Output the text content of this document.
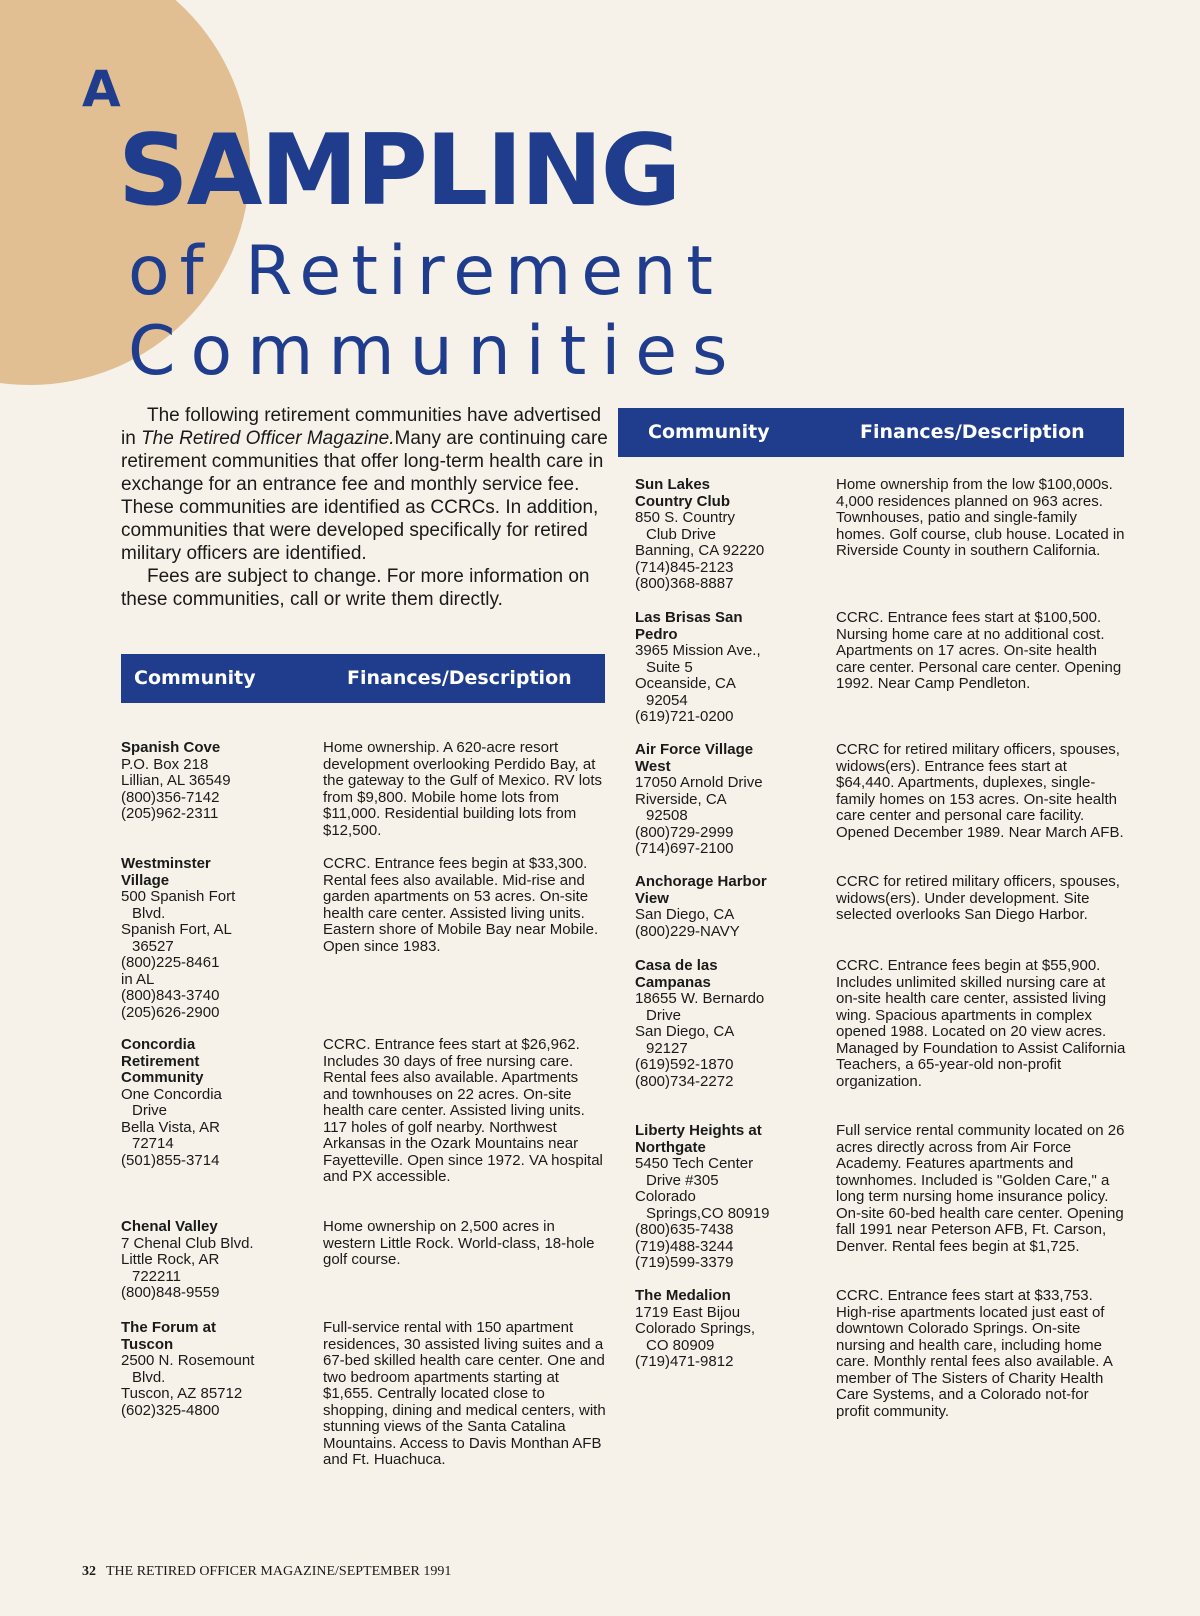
A
SAMPLING
of Retirement
Communities

The following retirement communities have advertised in The Retired Officer Magazine.Many are continuing care retirement communities that offer long-term health care in exchange for an entrance fee and monthly service fee. These communities are identified as CCRCs. In addition, communities that were developed specifically for retired military officers are identified.

Fees are subject to change. For more information on these communities, call or write them directly.

Community	Finances/Description
Community	Finances/Description
Spanish Cove
P.O. Box 218
Lillian, AL 36549
(800)356-7142
(205)962-2311
Home ownership. A 620-acre resort development overlooking Perdido Bay, at the gateway to the Gulf of Mexico. RV lots from $9,800. Mobile home lots from $11,000. Residential building lots from $12,500.
Westminster
Village
500 Spanish Fort
Blvd.
Spanish Fort, AL
36527
(800)225-8461
in AL
(800)843-3740
(205)626-2900
CCRC. Entrance fees begin at $33,300. Rental fees also available. Mid-rise and garden apartments on 53 acres. On-site health care center. Assisted living units. Eastern shore of Mobile Bay near Mobile. Open since 1983.
Concordia
Retirement
Community
One Concordia
Drive
Bella Vista, AR
72714
(501)855-3714
CCRC. Entrance fees start at $26,962. Includes 30 days of free nursing care. Rental fees also available. Apartments and townhouses on 22 acres. On-site health care center. Assisted living units. 117 holes of golf nearby. Northwest Arkansas in the Ozark Mountains near Fayetteville. Open since 1972. VA hospital and PX accessible.
Chenal Valley
7 Chenal Club Blvd.
Little Rock, AR
722211
(800)848-9559
Home ownership on 2,500 acres in western Little Rock. World-class, 18-hole golf course.
The Forum at
Tuscon
2500 N. Rosemount
Blvd.
Tuscon, AZ 85712
(602)325-4800
Full-service rental with 150 apartment residences, 30 assisted living suites and a 67-bed skilled health care center. One and two bedroom apartments starting at $1,655. Centrally located close to shopping, dining and medical centers, with stunning views of the Santa Catalina Mountains. Access to Davis Monthan AFB and Ft. Huachuca.
Sun Lakes
Country Club
850 S. Country
Club Drive
Banning, CA 92220
(714)845-2123
(800)368-8887
Home ownership from the low $100,000s. 4,000 residences planned on 963 acres. Townhouses, patio and single-family homes. Golf course, club house. Located in Riverside County in southern California.
Las Brisas San
Pedro
3965 Mission Ave.,
Suite 5
Oceanside, CA
92054
(619)721-0200
CCRC. Entrance fees start at $100,500. Nursing home care at no additional cost. Apartments on 17 acres. On-site health care center. Personal care center. Opening 1992. Near Camp Pendleton.
Air Force Village
West
17050 Arnold Drive
Riverside, CA
92508
(800)729-2999
(714)697-2100
CCRC for retired military officers, spouses, widows(ers). Entrance fees start at $64,440. Apartments, duplexes, single-family homes on 153 acres. On-site health care center and personal care facility. Opened December 1989. Near March AFB.
Anchorage Harbor
View
San Diego, CA
(800)229-NAVY
CCRC for retired military officers, spouses, widows(ers). Under development. Site selected overlooks San Diego Harbor.
Casa de las
Campanas
18655 W. Bernardo
Drive
San Diego, CA
92127
(619)592-1870
(800)734-2272
CCRC. Entrance fees begin at $55,900. Includes unlimited skilled nursing care at on-site health care center, assisted living wing. Spacious apartments in complex opened 1988. Located on 20 view acres. Managed by Foundation to Assist California Teachers, a 65-year-old non-profit organization.
Liberty Heights at
Northgate
5450 Tech Center
Drive #305
Colorado
Springs,CO 80919
(800)635-7438
(719)488-3244
(719)599-3379
Full service rental community located on 26 acres directly across from Air Force Academy. Features apartments and townhomes. Included is "Golden Care," a long term nursing home insurance policy. On-site 60-bed health care center. Opening fall 1991 near Peterson AFB, Ft. Carson, Denver. Rental fees begin at $1,725.
The Medalion
1719 East Bijou
Colorado Springs,
CO 80909
(719)471-9812
CCRC. Entrance fees start at $33,753. High-rise apartments located just east of downtown Colorado Springs. On-site nursing and health care, including home care. Monthly rental fees also available. A member of The Sisters of Charity Health Care Systems, and a Colorado not-for profit community.
32 THE RETIRED OFFICER MAGAZINE/SEPTEMBER 1991
